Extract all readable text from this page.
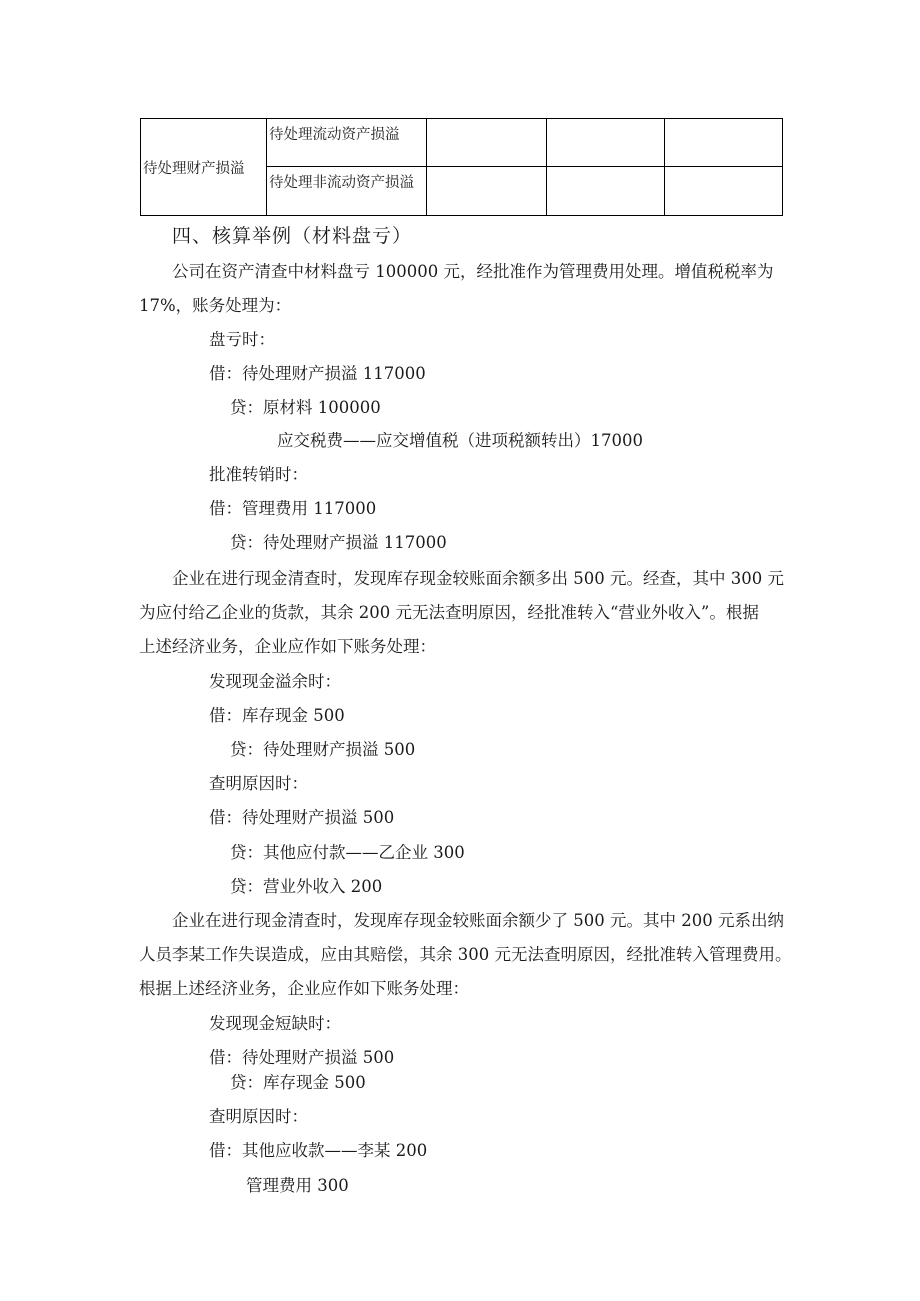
待处理财产损溢	待处理流动资产损溢			
	待处理非流动资产损溢			
四、核算举例（材料盘亏）
公司在资产清查中材料盘亏 100000 元，经批准作为管理费用处理。增值税税率为
17%，账务处理为：
盘亏时：
借：待处理财产损溢 117000
贷：原材料 100000
应交税费——应交增值税（进项税额转出）17000
批准转销时：
借：管理费用 117000
贷：待处理财产损溢 117000
企业在进行现金清查时，发现库存现金较账面余额多出 500 元。经查，其中 300 元
为应付给乙企业的货款，其余 200 元无法查明原因，经批准转入“营业外收入”。根据
上述经济业务，企业应作如下账务处理：
发现现金溢余时：
借：库存现金 500
贷：待处理财产损溢 500
查明原因时：
借：待处理财产损溢 500
贷：其他应付款——乙企业 300
贷：营业外收入 200
企业在进行现金清查时，发现库存现金较账面余额少了 500 元。其中 200 元系出纳
人员李某工作失误造成，应由其赔偿，其余 300 元无法查明原因，经批准转入管理费用。
根据上述经济业务，企业应作如下账务处理：
发现现金短缺时：
借：待处理财产损溢 500
贷：库存现金 500
查明原因时：
借：其他应收款——李某 200
管理费用 300
